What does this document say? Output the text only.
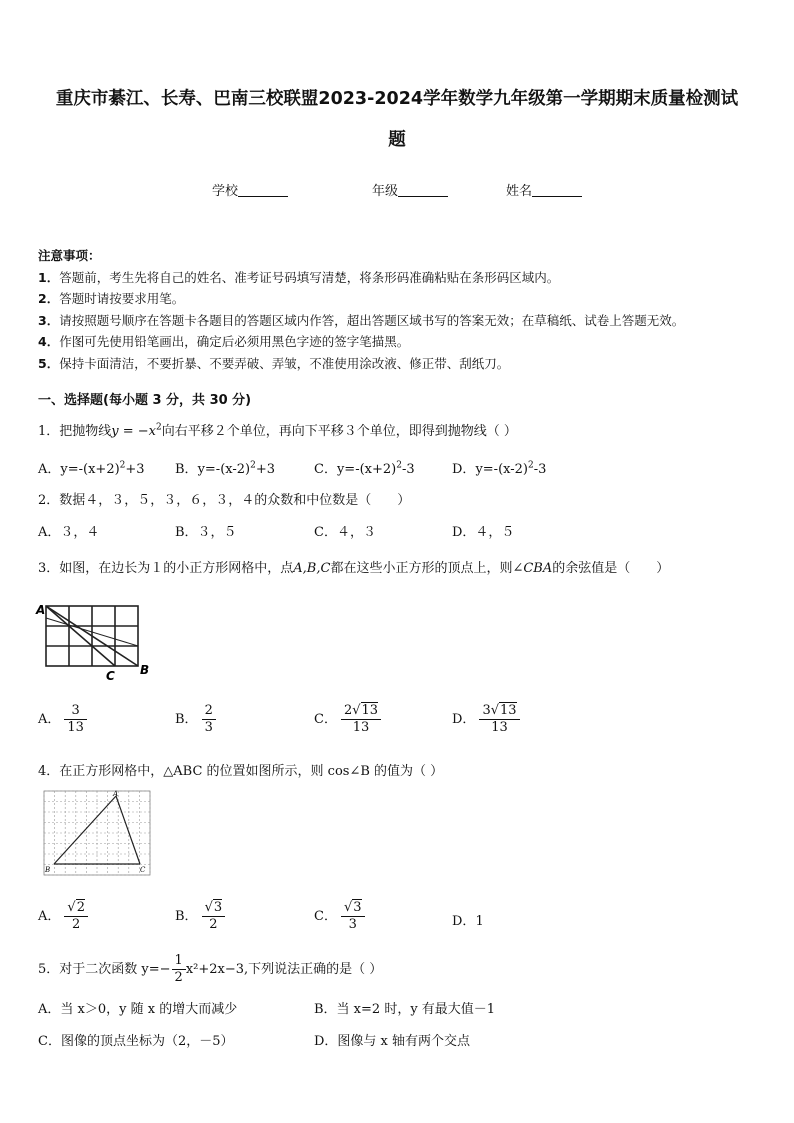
重庆市綦江、长寿、巴南三校联盟2023-2024学年数学九年级第一学期期末质量检测试
题
学校	年级	姓名
注意事项：
1．答题前，考生先将自己的姓名、准考证号码填写清楚，将条形码准确粘贴在条形码区域内。
2．答题时请按要求用笔。
3．请按照题号顺序在答题卡各题目的答题区域内作答，超出答题区域书写的答案无效；在草稿纸、试卷上答题无效。
4．作图可先使用铅笔画出，确定后必须用黑色字迹的签字笔描黑。
5．保持卡面清洁，不要折暴、不要弄破、弄皱，不准使用涂改液、修正带、刮纸刀。
一、选择题(每小题 3 分，共 30 分)
1．把抛物线$y = -x^2$向右平移２个单位，再向下平移３个单位，即得到抛物线（ ）
A．$y=-(x+2)^2+3$ B．$y=-(x-2)^2+3$	C．$y=-(x+2)^2-3$	D．$y=-(x-2)^2-3$
2．数据４，３，５，３，６，３，４的众数和中位数是（　　）
A．３，４	B．３，５	C．４，３	D．４，５
3．如图，在边长为１的小正方形网格中，点A,B,C都在这些小正方形的顶点上，则∠CBA的余弦值是（　　）
A
C B
A． $\frac{3}{13}$	B． $\frac{2}{3}$	C． $\frac{2√13}{13}$	D． $\frac{3√13}{13}$
4．在正方形网格中，△ABC 的位置如图所示，则 cos∠B 的值为（ ）
A
B	C
A． $\frac{√2}{2}$	B． $\frac{√3}{2}$	C． $\frac{√3}{3}$	D．1
5．对于二次函数 $y=- \frac{1}{2} x^2+2x-3$,下列说法正确的是（ ）
A．当 x＞0，y 随 x 的增大而减少	B．当 x=2 时，y 有最大值－1
C．图像的顶点坐标为（2，－5）	D．图像与 x 轴有两个交点
